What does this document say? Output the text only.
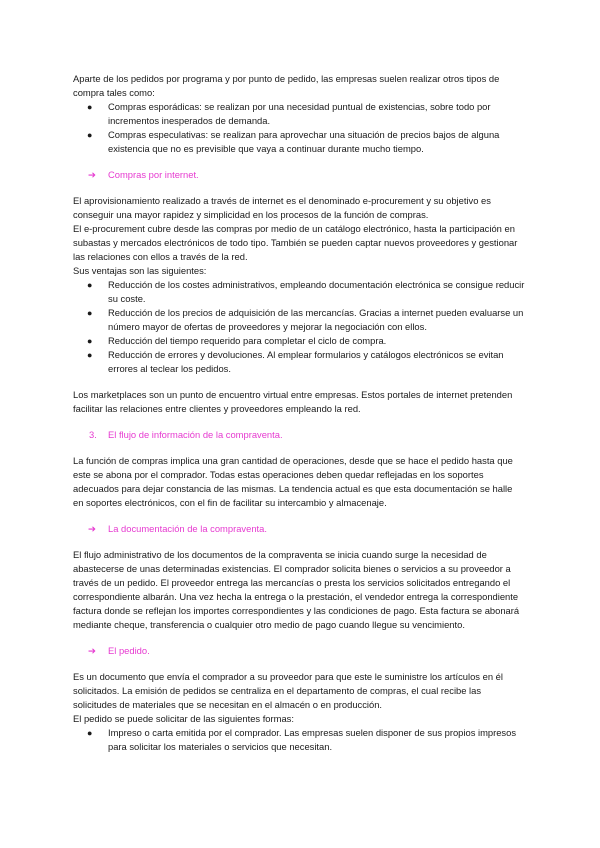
Aparte de los pedidos por programa y por punto de pedido, las empresas suelen realizar otros tipos de compra tales como:

● Compras esporádicas: se realizan por una necesidad puntual de existencias, sobre todo por incrementos inesperados de demanda.
● Compras especulativas: se realizan para aprovechar una situación de precios bajos de alguna existencia que no es previsible que vaya a continuar durante mucho tiempo.

➔ Compras por internet.

El aprovisionamiento realizado a través de internet es el denominado e-procurement y su objetivo es conseguir una mayor rapidez y simplicidad en los procesos de la función de compras.

El e-procurement cubre desde las compras por medio de un catálogo electrónico, hasta la participación en subastas y mercados electrónicos de todo tipo. También se pueden captar nuevos proveedores y gestionar las relaciones con ellos a través de la red.

Sus ventajas son las siguientes:

● Reducción de los costes administrativos, empleando documentación electrónica se consigue reducir su coste.
● Reducción de los precios de adquisición de las mercancías. Gracias a internet pueden evaluarse un número mayor de ofertas de proveedores y mejorar la negociación con ellos.
● Reducción del tiempo requerido para completar el ciclo de compra.
● Reducción de errores y devoluciones. Al emplear formularios y catálogos electrónicos se evitan errores al teclear los pedidos.

Los marketplaces son un punto de encuentro virtual entre empresas. Estos portales de internet pretenden facilitar las relaciones entre clientes y proveedores empleando la red.

3. El flujo de información de la compraventa.

La función de compras implica una gran cantidad de operaciones, desde que se hace el pedido hasta que este se abona por el comprador. Todas estas operaciones deben quedar reflejadas en los soportes adecuados para dejar constancia de las mismas. La tendencia actual es que esta documentación se halle en soportes electrónicos, con el fin de facilitar su intercambio y almacenaje.

➔ La documentación de la compraventa.

El flujo administrativo de los documentos de la compraventa se inicia cuando surge la necesidad de abastecerse de unas determinadas existencias. El comprador solicita bienes o servicios a su proveedor a través de un pedido. El proveedor entrega las mercancías o presta los servicios solicitados entregando el correspondiente albarán. Una vez hecha la entrega o la prestación, el vendedor entrega la correspondiente factura donde se reflejan los importes correspondientes y las condiciones de pago. Esta factura se abonará mediante cheque, transferencia o cualquier otro medio de pago cuando llegue su vencimiento.

➔ El pedido.

Es un documento que envía el comprador a su proveedor para que este le suministre los artículos en él solicitados. La emisión de pedidos se centraliza en el departamento de compras, el cual recibe las solicitudes de materiales que se necesitan en el almacén o en producción.

El pedido se puede solicitar de las siguientes formas:

● Impreso o carta emitida por el comprador. Las empresas suelen disponer de sus propios impresos para solicitar los materiales o servicios que necesitan.
